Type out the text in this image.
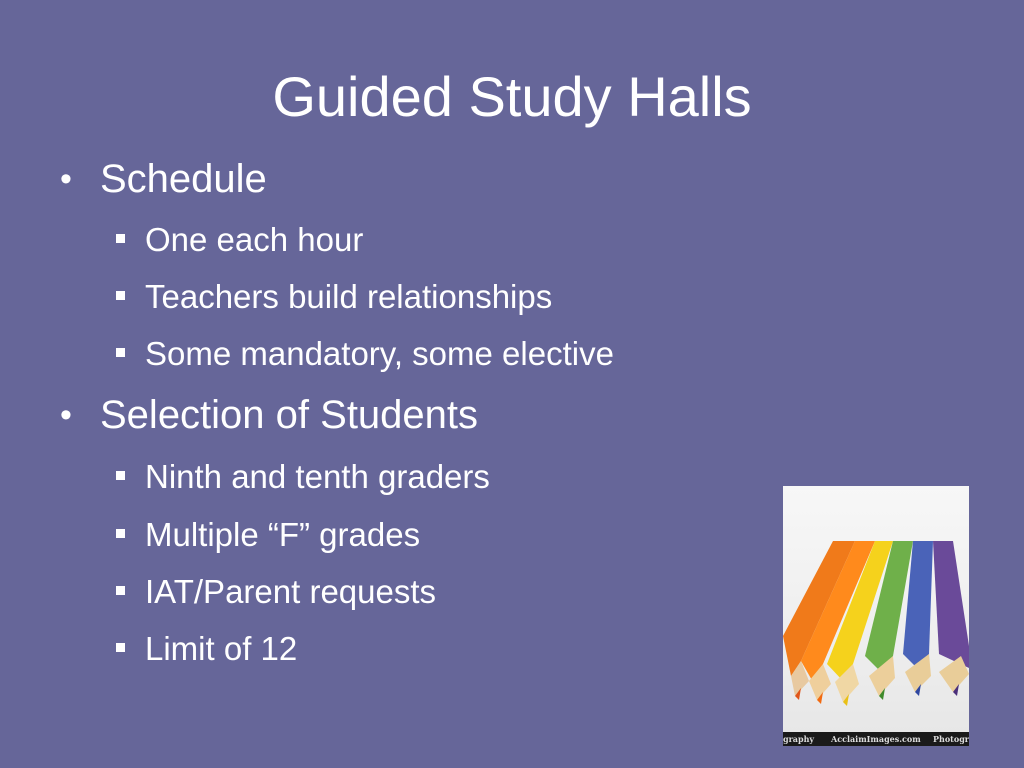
Guided Study Halls
• Schedule
One each hour
Teachers build relationships
Some mandatory, some elective
• Selection of Students
Ninth and tenth graders
Multiple “F” grades
IAT/Parent requests
Limit of 12
graphy AcclaimImages.com Photogr
